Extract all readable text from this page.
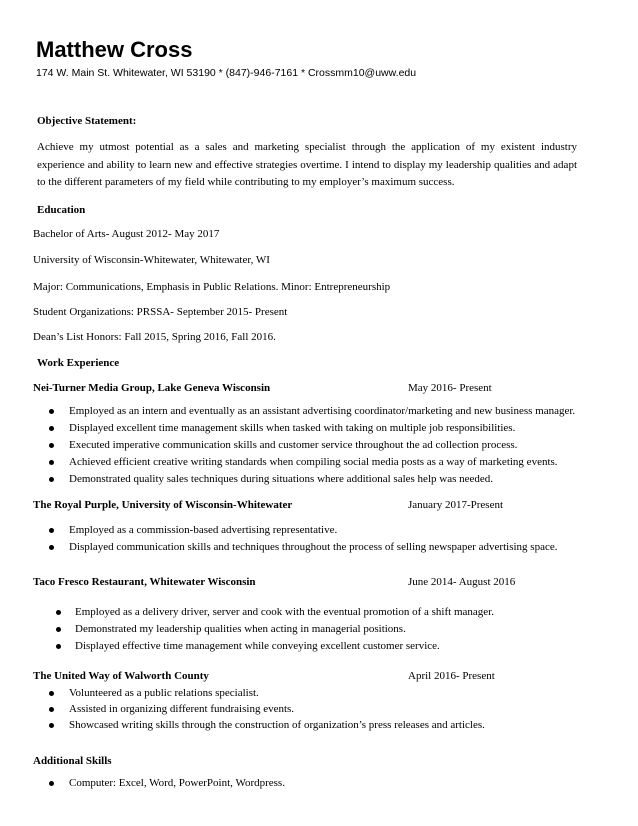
Matthew Cross
174 W. Main St. Whitewater, WI 53190 * (847)-946-7161 * Crossmm10@uww.edu
Objective Statement:
Achieve my utmost potential as a sales and marketing specialist through the application of my existent industry experience and ability to learn new and effective strategies overtime. I intend to display my leadership qualities and adapt to the different parameters of my field while contributing to my employer’s maximum success.
Education
Bachelor of Arts- August 2012- May 2017
University of Wisconsin-Whitewater, Whitewater, WI
Major: Communications, Emphasis in Public Relations. Minor: Entrepreneurship
Student Organizations: PRSSA- September 2015- Present
Dean’s List Honors: Fall 2015, Spring 2016, Fall 2016.
Work Experience
Nei-Turner Media Group, Lake Geneva Wisconsin	May 2016- Present
Employed as an intern and eventually as an assistant advertising coordinator/marketing and new business manager.
Displayed excellent time management skills when tasked with taking on multiple job responsibilities.
Executed imperative communication skills and customer service throughout the ad collection process.
Achieved efficient creative writing standards when compiling social media posts as a way of marketing events.
Demonstrated quality sales techniques during situations where additional sales help was needed.
The Royal Purple, University of Wisconsin-Whitewater	January 2017-Present
Employed as a commission-based advertising representative.
Displayed communication skills and techniques throughout the process of selling newspaper advertising space.
Taco Fresco Restaurant, Whitewater Wisconsin	June 2014- August 2016
Employed as a delivery driver, server and cook with the eventual promotion of a shift manager.
Demonstrated my leadership qualities when acting in managerial positions.
Displayed effective time management while conveying excellent customer service.
The United Way of Walworth County	April 2016- Present
Volunteered as a public relations specialist.
Assisted in organizing different fundraising events.
Showcased writing skills through the construction of organization’s press releases and articles.
Additional Skills
Computer: Excel, Word, PowerPoint, Wordpress.
